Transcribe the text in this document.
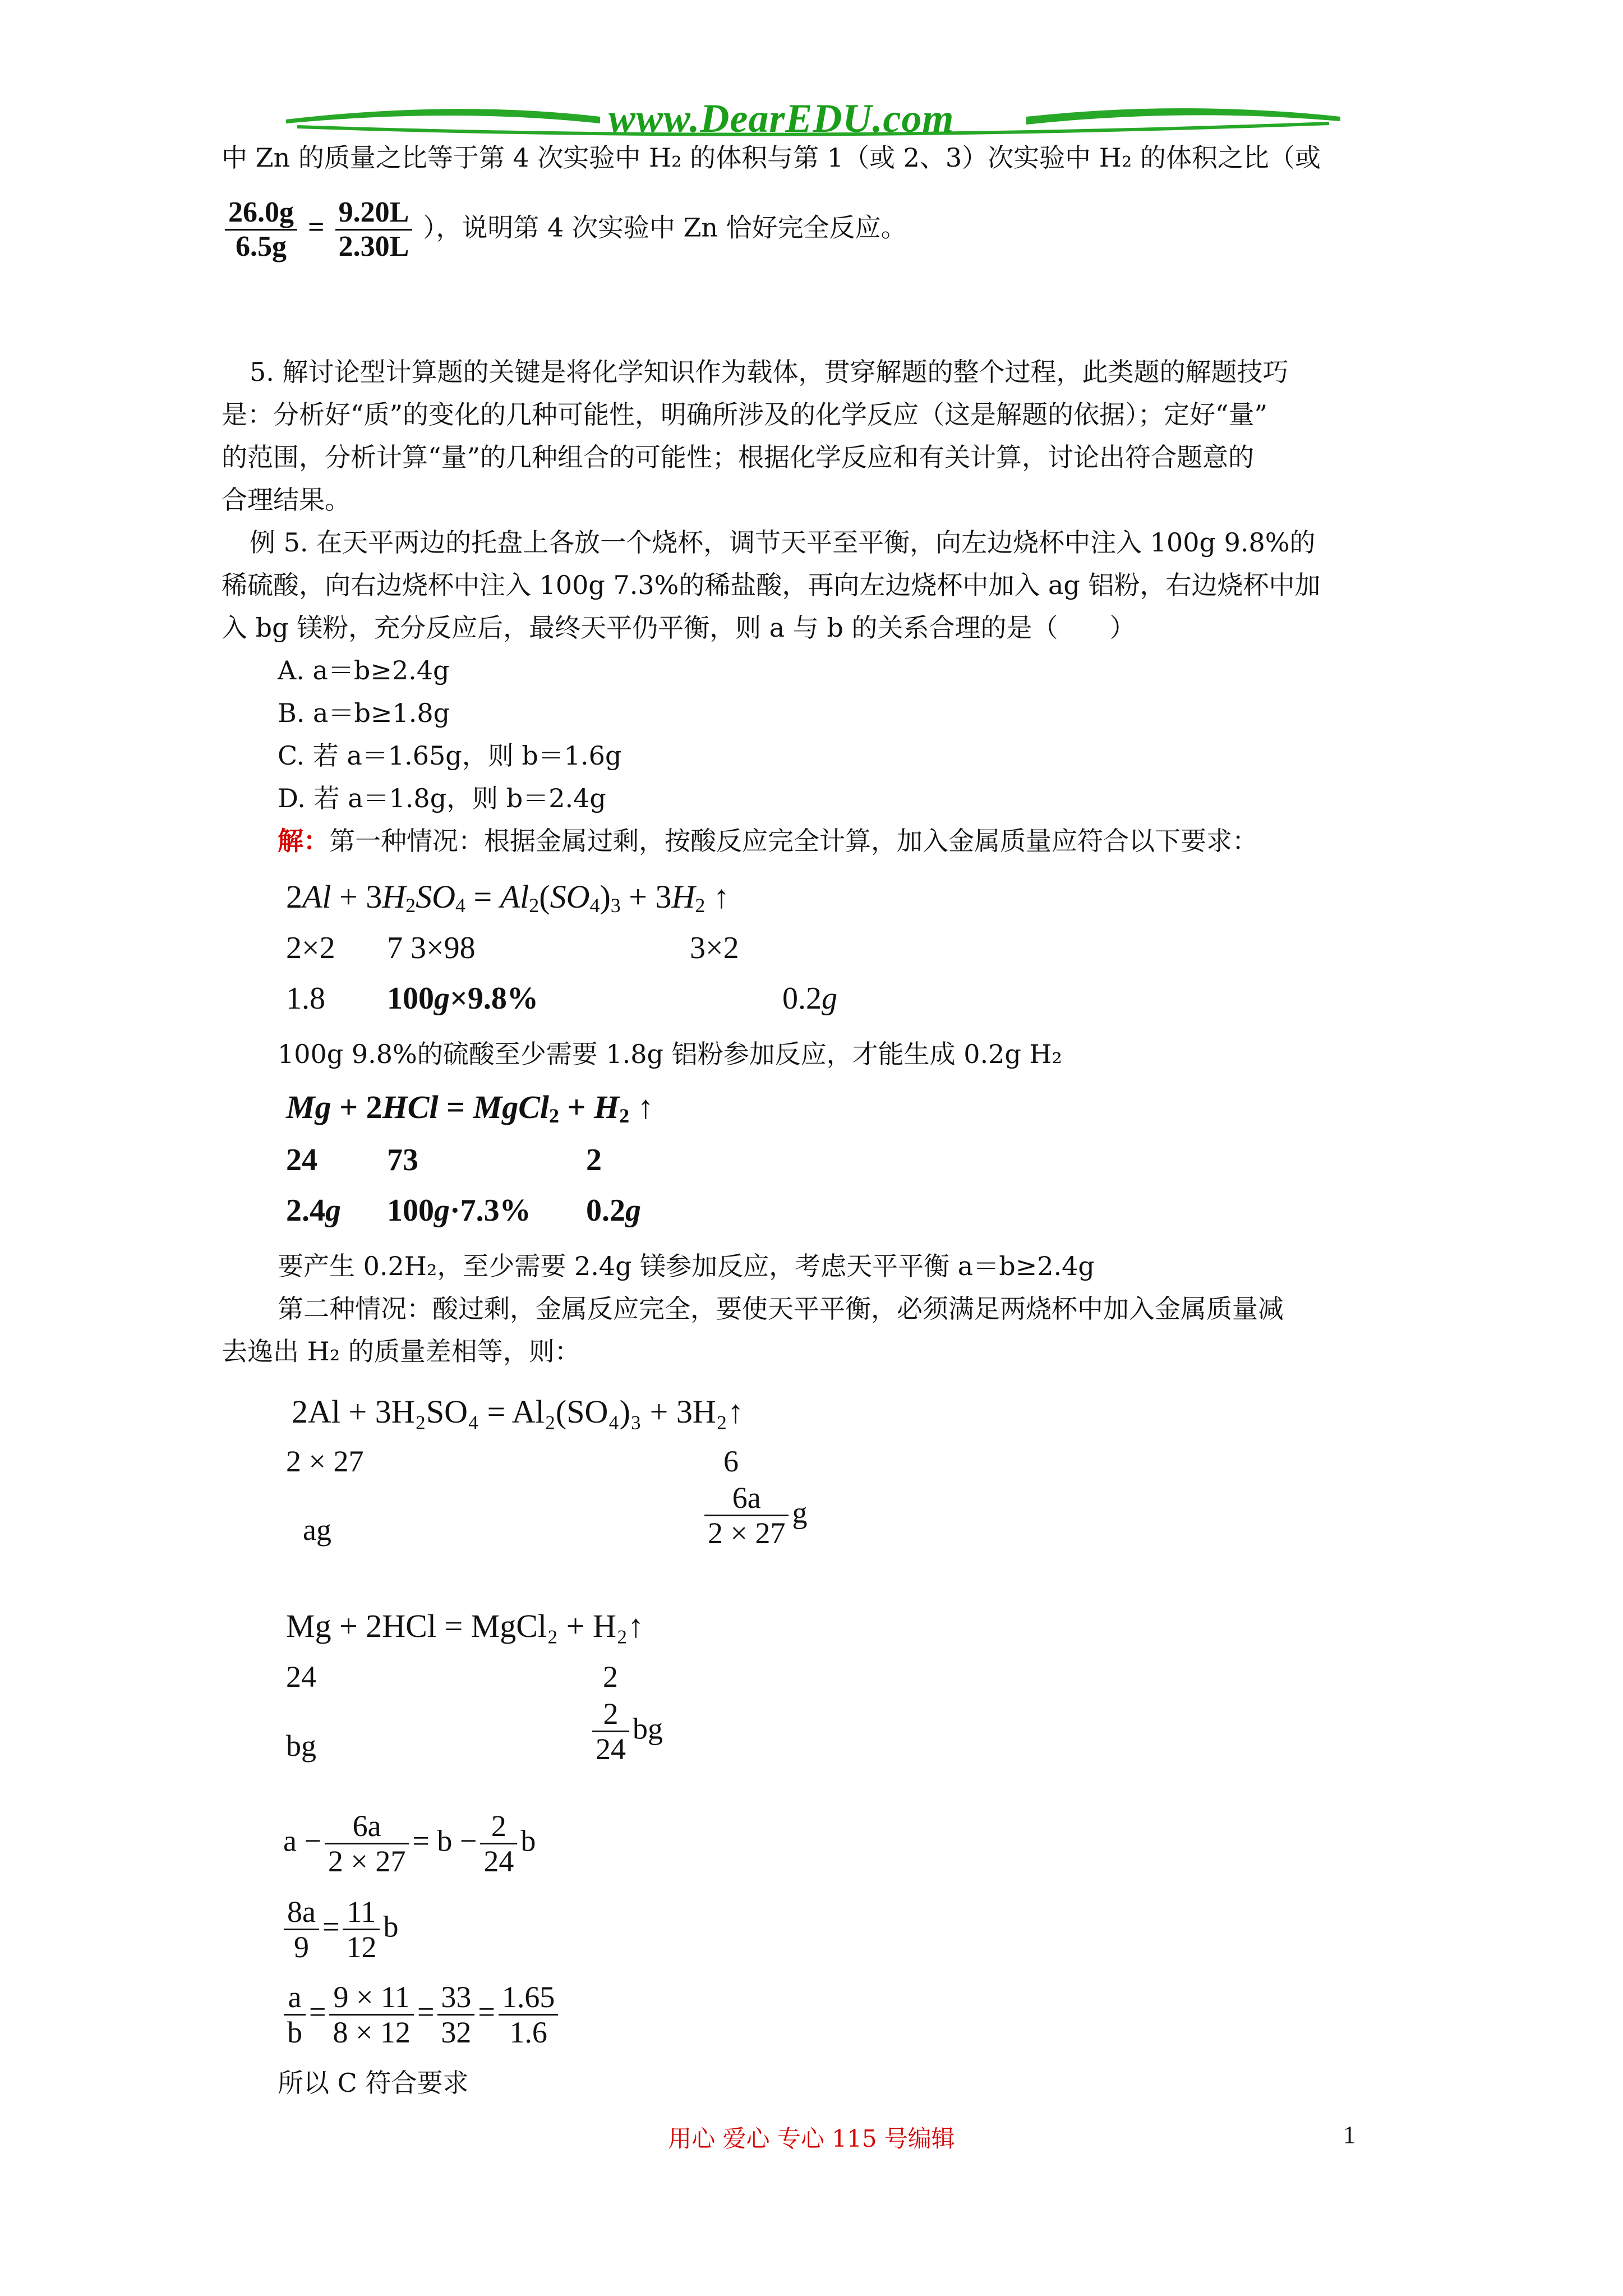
www.DearEDU.com
中 Zn 的质量之比等于第 4 次实验中 H₂ 的体积与第 1（或 2、3）次实验中 H₂ 的体积之比（或
$\frac{26.0g}{6.5g} = \frac{9.20L}{2.30L}$ ），说明第 4 次实验中 Zn 恰好完全反应。
5. 解讨论型计算题的关键是将化学知识作为载体，贯穿解题的整个过程，此类题的解题技巧
是：分析好“质”的变化的几种可能性，明确所涉及的化学反应（这是解题的依据）；定好“量”
的范围，分析计算“量”的几种组合的可能性；根据化学反应和有关计算，讨论出符合题意的
合理结果。
例 5. 在天平两边的托盘上各放一个烧杯，调节天平至平衡，向左边烧杯中注入 100g 9.8%的
稀硫酸，向右边烧杯中注入 100g 7.3%的稀盐酸，再向左边烧杯中加入 ag 铝粉，右边烧杯中加
入 bg 镁粉，充分反应后，最终天平仍平衡，则 a 与 b 的关系合理的是（　　）
A. a＝b≥2.4g
B. a＝b≥1.8g
C. 若 a＝1.65g，则 b＝1.6g
D. 若 a＝1.8g，则 b＝2.4g
解：第一种情况：根据金属过剩，按酸反应完全计算，加入金属质量应符合以下要求：
$2Al + 3H_2SO_4 = Al_2(SO_4)_3 + 3H_2$ ↑
2×2 7 3×98	3×2
1.8 100g×9.8%	0.2g
100g 9.8%的硫酸至少需要 1.8g 铝粉参加反应，才能生成 0.2g H₂
Mg + 2HCl = MgCl$_2$ + $H_2$ ↑
24 73	2
2.4g 100g·7.3% 0.2g
要产生 0.2H₂，至少需要 2.4g 镁参加反应，考虑天平平衡 a＝b≥2.4g
第二种情况：酸过剩，金属反应完全，要使天平平衡，必须满足两烧杯中加入金属质量减
去逸出 H₂ 的质量差相等，则：
2Al + 3H₂SO₄ = Al₂(SO₄)₃ + 3H₂↑
2 × 27	6
ag	$\frac{6a}{2 \times 27}$ g
Mg + 2HCl = MgCl₂ + H₂↑
24	2
bg	$\frac{2}{24}$ bg
$a - \frac{6a}{2 \times 27} = b - \frac{2}{24}$ b
$\frac{8a}{9} = \frac{11}{12}$ b
$\frac{a}{b} = \frac{9 \times 11}{8 \times 12} = \frac{33}{32} = \frac{1.65}{1.6}$
所以 C 符合要求
用心 爱心 专心 115 号编辑	1
